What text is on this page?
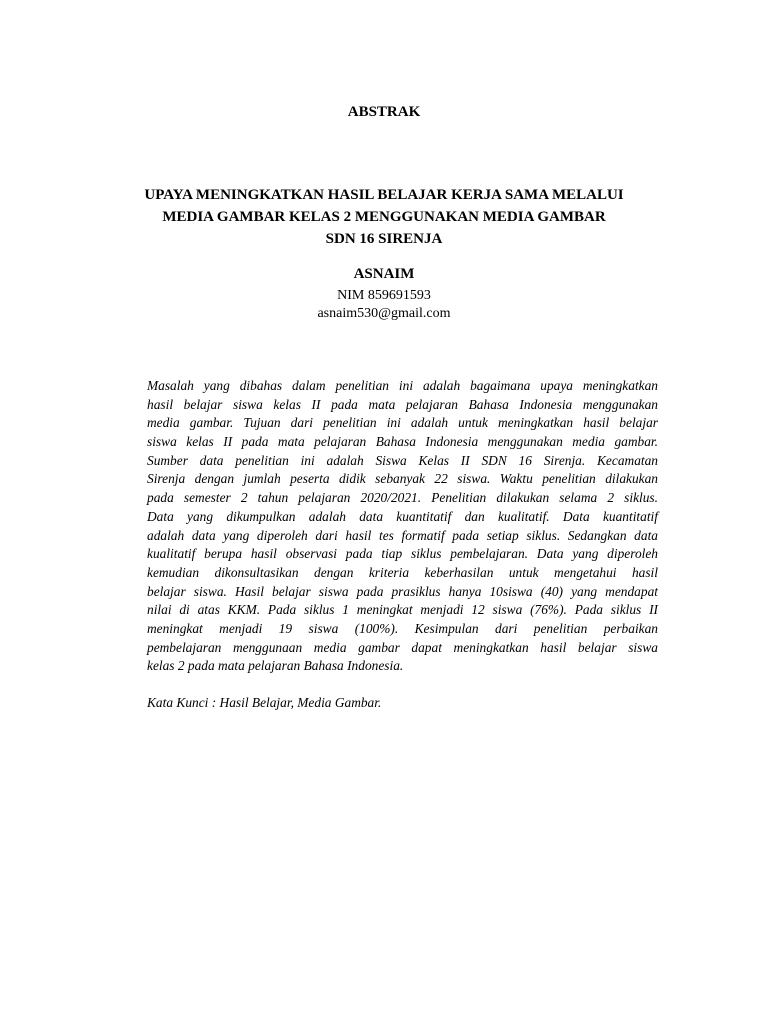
ABSTRAK
UPAYA MENINGKATKAN HASIL BELAJAR KERJA SAMA MELALUI
MEDIA GAMBAR KELAS 2 MENGGUNAKAN MEDIA GAMBAR
SDN 16 SIRENJA
ASNAIM
NIM 859691593
asnaim530@gmail.com
Masalah yang dibahas dalam penelitian ini adalah bagaimana upaya meningkatkan
hasil belajar siswa kelas II pada mata pelajaran Bahasa Indonesia menggunakan
media gambar. Tujuan dari penelitian ini adalah untuk meningkatkan hasil belajar
siswa kelas II pada mata pelajaran Bahasa Indonesia menggunakan media gambar.
Sumber data penelitian ini adalah Siswa Kelas II SDN 16 Sirenja. Kecamatan
Sirenja dengan jumlah peserta didik sebanyak 22 siswa. Waktu penelitian dilakukan
pada semester 2 tahun pelajaran 2020/2021. Penelitian dilakukan selama 2 siklus.
Data yang dikumpulkan adalah data kuantitatif dan kualitatif. Data kuantitatif
adalah data yang diperoleh dari hasil tes formatif pada setiap siklus. Sedangkan data
kualitatif berupa hasil observasi pada tiap siklus pembelajaran. Data yang diperoleh
kemudian dikonsultasikan dengan kriteria keberhasilan untuk mengetahui hasil
belajar siswa. Hasil belajar siswa pada prasiklus hanya 10siswa (40) yang mendapat
nilai di atas KKM. Pada siklus 1 meningkat menjadi 12 siswa (76%). Pada siklus II
meningkat menjadi 19 siswa (100%). Kesimpulan dari penelitian perbaikan
pembelajaran menggunaan media gambar dapat meningkatkan hasil belajar siswa
kelas 2 pada mata pelajaran Bahasa Indonesia.
Kata Kunci : Hasil Belajar, Media Gambar.
